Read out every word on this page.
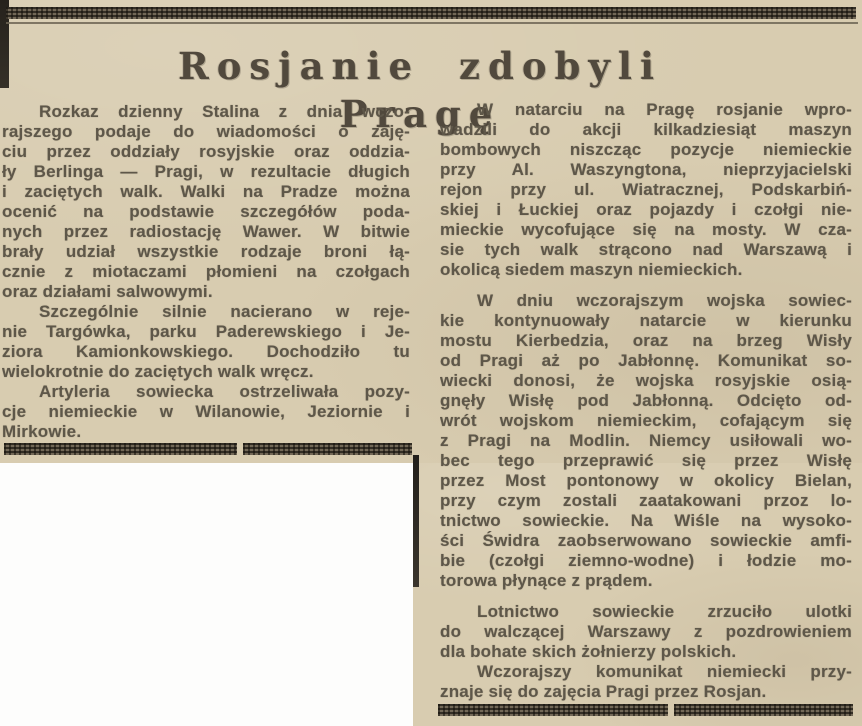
Rosjanie zdobyli Pragę
Rozkaz dzienny Stalina z dnia wczo-
rajszego podaje do wiadomości o zaję-
ciu przez oddziały rosyjskie oraz oddzia-
ły Berlinga — Pragi, w rezultacie długich
i zaciętych walk. Walki na Pradze można
ocenić na podstawie szczegółów poda-
nych przez radiostację Wawer. W bitwie
brały udział wszystkie rodzaje broni łą-
cznie z miotaczami płomieni na czołgach
oraz działami salwowymi.
Szczególnie silnie nacierano w reje-
nie Targówka, parku Paderewskiego i Je-
ziora Kamionkowskiego. Dochodziło tu
wielokrotnie do zaciętych walk wręcz.
Artyleria sowiecka ostrzeliwała pozy-
cje niemieckie w Wilanowie, Jeziornie i
Mirkowie.
W natarciu na Pragę rosjanie wpro-
wadzili do akcji kilkadziesiąt maszyn
bombowych niszcząc pozycje niemieckie
przy Al. Waszyngtona, nieprzyjacielski
rejon przy ul. Wiatracznej, Podskarbiń-
skiej i Łuckiej oraz pojazdy i czołgi nie-
mieckie wycofujące się na mosty. W cza-
sie tych walk strącono nad Warszawą i
okolicą siedem maszyn niemieckich.
W dniu wczorajszym wojska sowiec-
kie kontynuowały natarcie w kierunku
mostu Kierbedzia, oraz na brzeg Wisły
od Pragi aż po Jabłonnę. Komunikat so-
wiecki donosi, że wojska rosyjskie osią-
gnęły Wisłę pod Jabłonną. Odcięto od-
wrót wojskom niemieckim, cofającym się
z Pragi na Modlin. Niemcy usiłowali wo-
bec tego przeprawić się przez Wisłę
przez Most pontonowy w okolicy Bielan,
przy czym zostali zaatakowani przoz lo-
tnictwo sowieckie. Na Wiśle na wysoko-
ści Świdra zaobserwowano sowieckie amfi-
bie (czołgi ziemno-wodne) i łodzie mo-
torowa płynące z prądem.
Lotnictwo sowieckie zrzuciło ulotki
do walczącej Warszawy z pozdrowieniem
dla bohate skich żołnierzy polskich.
Wczorajszy komunikat niemiecki przy-
znaje się do zajęcia Pragi przez Rosjan.
